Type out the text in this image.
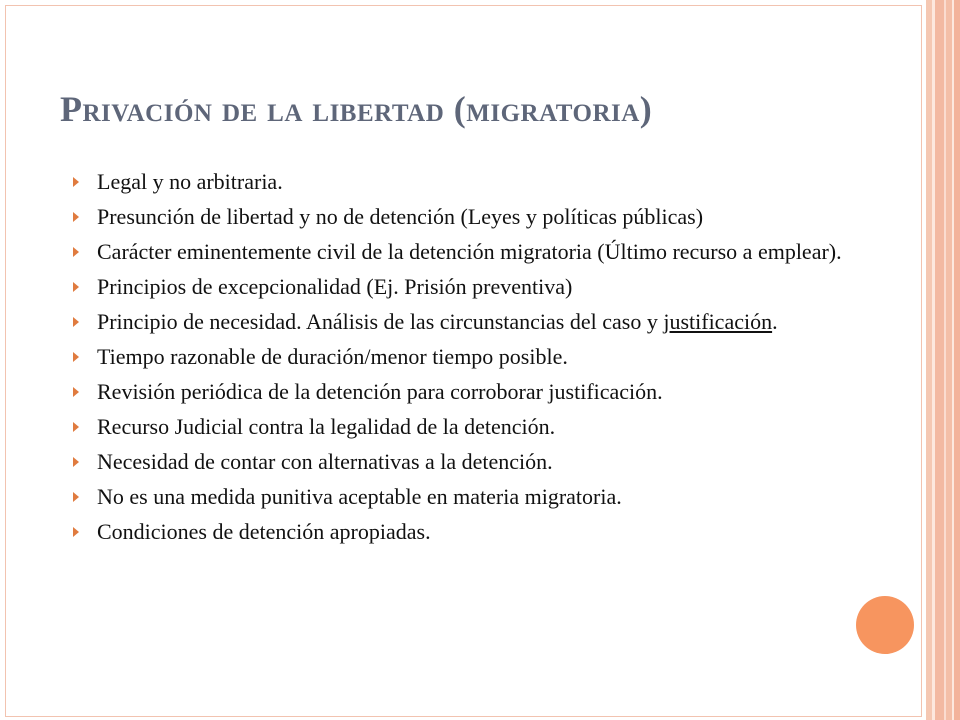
Privación de la libertad (migratoria)
Legal y no arbitraria.
Presunción de libertad y no de detención (Leyes y políticas públicas)
Carácter eminentemente civil de la detención migratoria (Último recurso a emplear).
Principios de excepcionalidad (Ej. Prisión preventiva)
Principio de necesidad. Análisis de las circunstancias del caso y justificación.
Tiempo razonable de duración/menor tiempo posible.
Revisión periódica de la detención para corroborar justificación.
Recurso Judicial contra la legalidad de la detención.
Necesidad de contar con alternativas a la detención.
No es una medida punitiva aceptable en materia migratoria.
Condiciones de detención apropiadas.
